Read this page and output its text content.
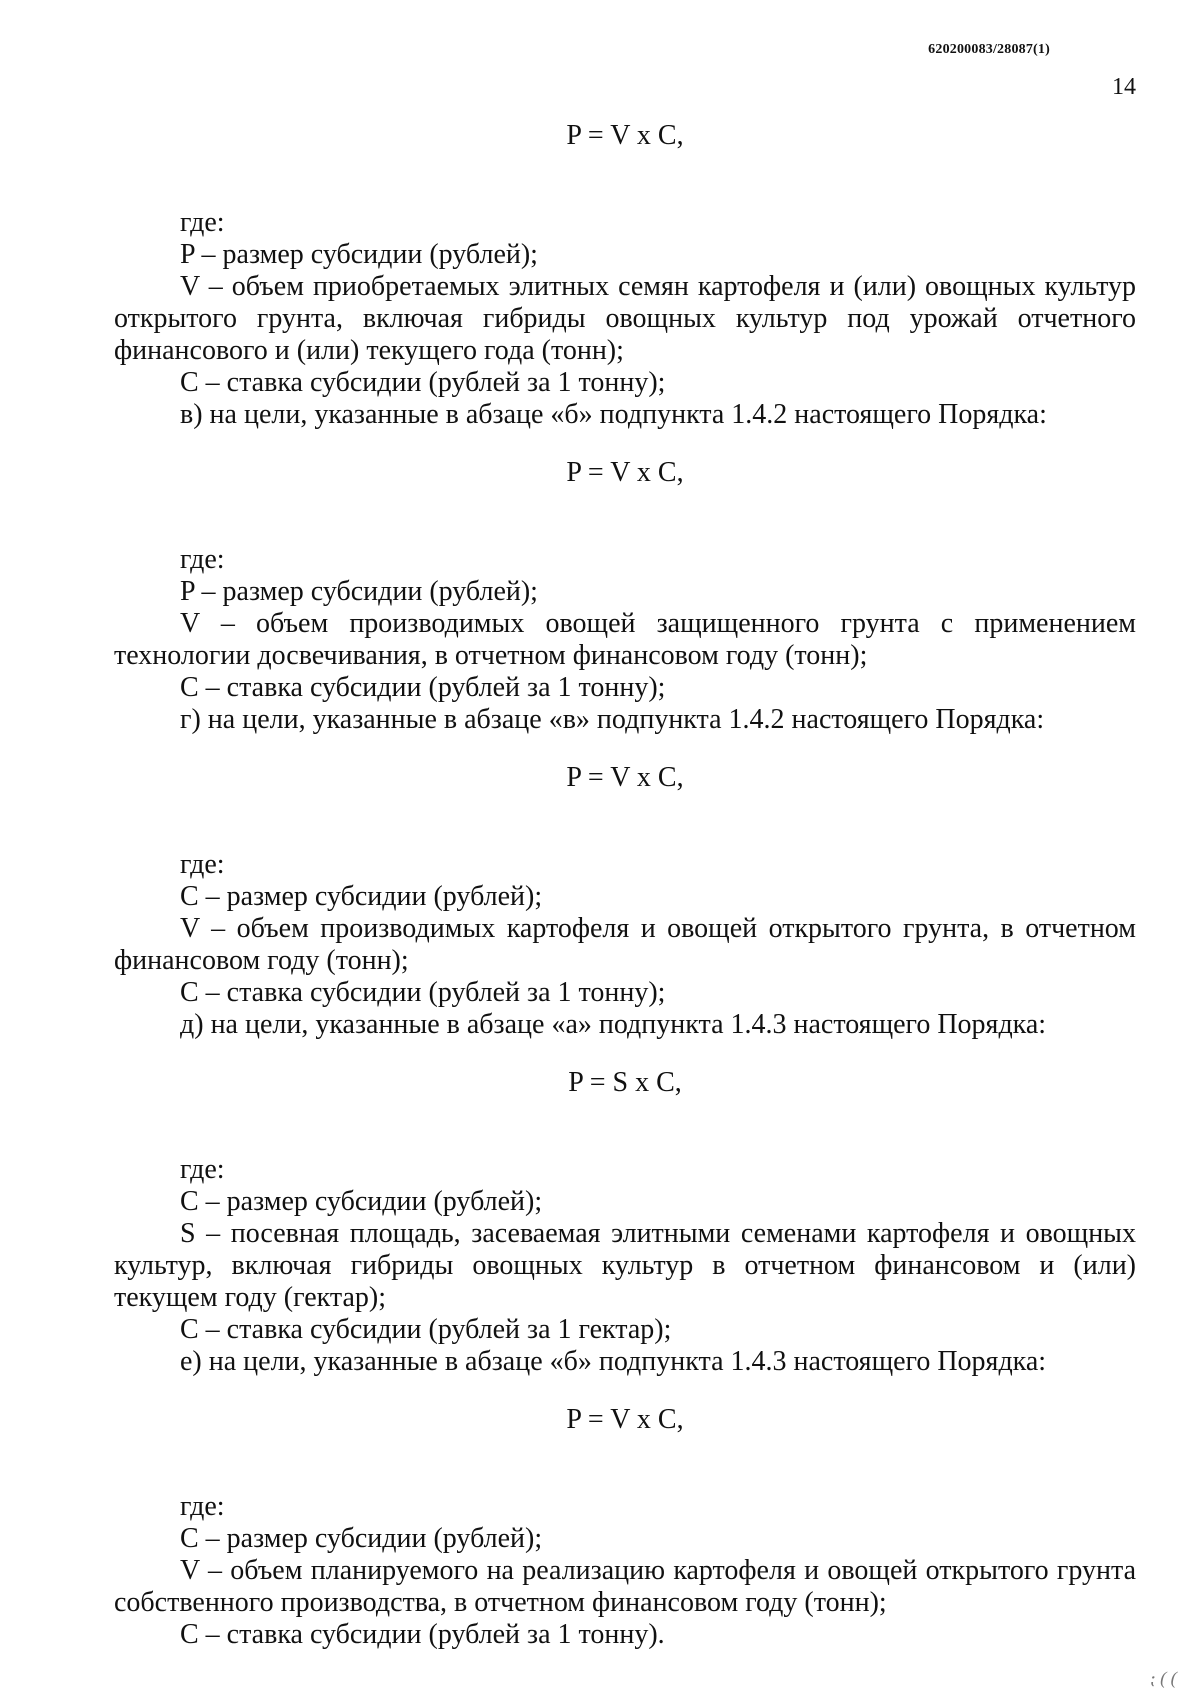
620200083/28087(1)
14
P = V x C,

где:

P – размер субсидии (рублей);

V – объем приобретаемых элитных семян картофеля и (или) овощных культур открытого грунта, включая гибриды овощных культур под урожай отчетного финансового и (или) текущего года (тонн);

C – ставка субсидии (рублей за 1 тонну);

в) на цели, указанные в абзаце «б» подпункта 1.4.2 настоящего Порядка:

P = V x C,

где:

P – размер субсидии (рублей);

V – объем производимых овощей защищенного грунта с применением технологии досвечивания, в отчетном финансовом году (тонн);

C – ставка субсидии (рублей за 1 тонну);

г) на цели, указанные в абзаце «в» подпункта 1.4.2 настоящего Порядка:

P = V x C,

где:

C – размер субсидии (рублей);

V – объем производимых картофеля и овощей открытого грунта, в отчетном финансовом году (тонн);

C – ставка субсидии (рублей за 1 тонну);

д) на цели, указанные в абзаце «а» подпункта 1.4.3 настоящего Порядка:

P = S x C,

где:

C – размер субсидии (рублей);

S – посевная площадь, засеваемая элитными семенами картофеля и овощных культур, включая гибриды овощных культур в отчетном финансовом и (или) текущем году (гектар);

C – ставка субсидии (рублей за 1 гектар);

е) на цели, указанные в абзаце «б» подпункта 1.4.3 настоящего Порядка:

P = V x C,

где:

C – размер субсидии (рублей);

V – объем планируемого на реализацию картофеля и овощей открытого грунта собственного производства, в отчетном финансовом году (тонн);

C – ставка субсидии (рублей за 1 тонну).

⁏ ( (
